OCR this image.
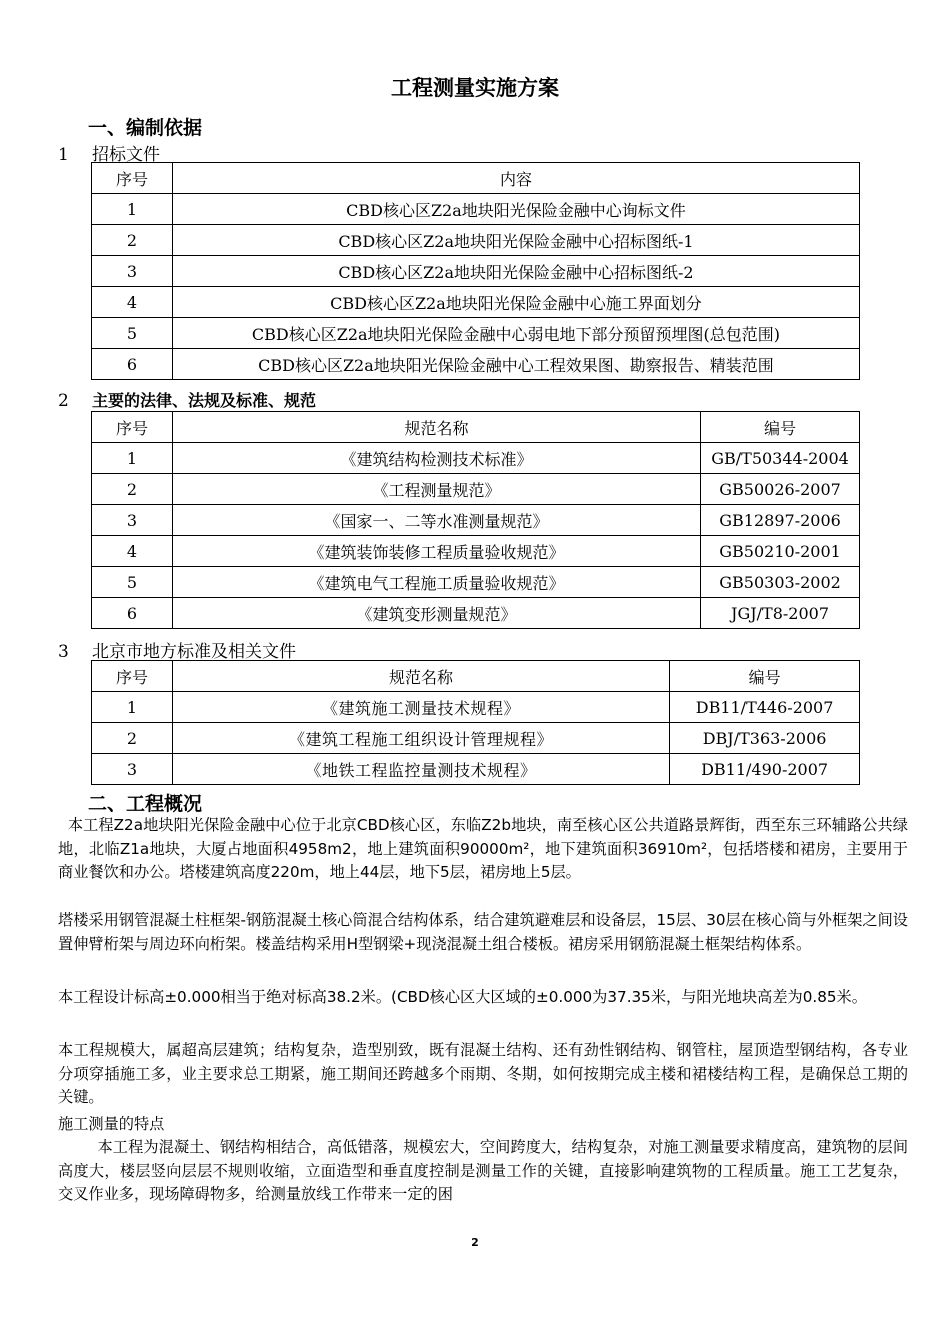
工程测量实施方案
一、编制依据
1 招标文件
序号	内容
1	CBD核心区Z2a地块阳光保险金融中心询标文件
2	CBD核心区Z2a地块阳光保险金融中心招标图纸-1
3	CBD核心区Z2a地块阳光保险金融中心招标图纸-2
4	CBD核心区Z2a地块阳光保险金融中心施工界面划分
5	CBD核心区Z2a地块阳光保险金融中心弱电地下部分预留预埋图(总包范围)
6	CBD核心区Z2a地块阳光保险金融中心工程效果图、勘察报告、精装范围
2 主要的法律、法规及标准、规范
序号	规范名称	编号
1	《建筑结构检测技术标准》	GB/T50344-2004
2	《工程测量规范》	GB50026-2007
3	《国家一、二等水准测量规范》	GB12897-2006
4	《建筑装饰装修工程质量验收规范》	GB50210-2001
5	《建筑电气工程施工质量验收规范》	GB50303-2002
6	《建筑变形测量规范》	JGJ/T8-2007
3 北京市地方标准及相关文件
序号	规范名称	编号
1	《建筑施工测量技术规程》	DB11/T446-2007
2	《建筑工程施工组织设计管理规程》	DBJ/T363-2006
3	《地铁工程监控量测技术规程》	DB11/490-2007
二、工程概况
本工程Z2a地块阳光保险金融中心位于北京CBD核心区，东临Z2b地块，南至核心区公共道路景辉街，西至东三环辅路公共绿地，北临Z1a地块，大厦占地面积4958m2，地上建筑面积90000m²，地下建筑面积36910m²，包括塔楼和裙房，主要用于商业餐饮和办公。塔楼建筑高度220m，地上44层，地下5层，裙房地上5层。
塔楼采用钢管混凝土柱框架-钢筋混凝土核心筒混合结构体系，结合建筑避难层和设备层，15层、30层在核心筒与外框架之间设置伸臂桁架与周边环向桁架。楼盖结构采用H型钢梁+现浇混凝土组合楼板。裙房采用钢筋混凝土框架结构体系。
本工程设计标高±0.000相当于绝对标高38.2米。(CBD核心区大区域的±0.000为37.35米，与阳光地块高差为0.85米。
本工程规模大，属超高层建筑；结构复杂，造型别致，既有混凝土结构、还有劲性钢结构、钢管柱，屋顶造型钢结构，各专业分项穿插施工多，业主要求总工期紧，施工期间还跨越多个雨期、冬期，如何按期完成主楼和裙楼结构工程，是确保总工期的关键。
施工测量的特点
本工程为混凝土、钢结构相结合，高低错落，规模宏大，空间跨度大，结构复杂，对施工测量要求精度高，建筑物的层间高度大，楼层竖向层层不规则收缩，立面造型和垂直度控制是测量工作的关键，直接影响建筑物的工程质量。施工工艺复杂，交叉作业多，现场障碍物多，给测量放线工作带来一定的困
2
